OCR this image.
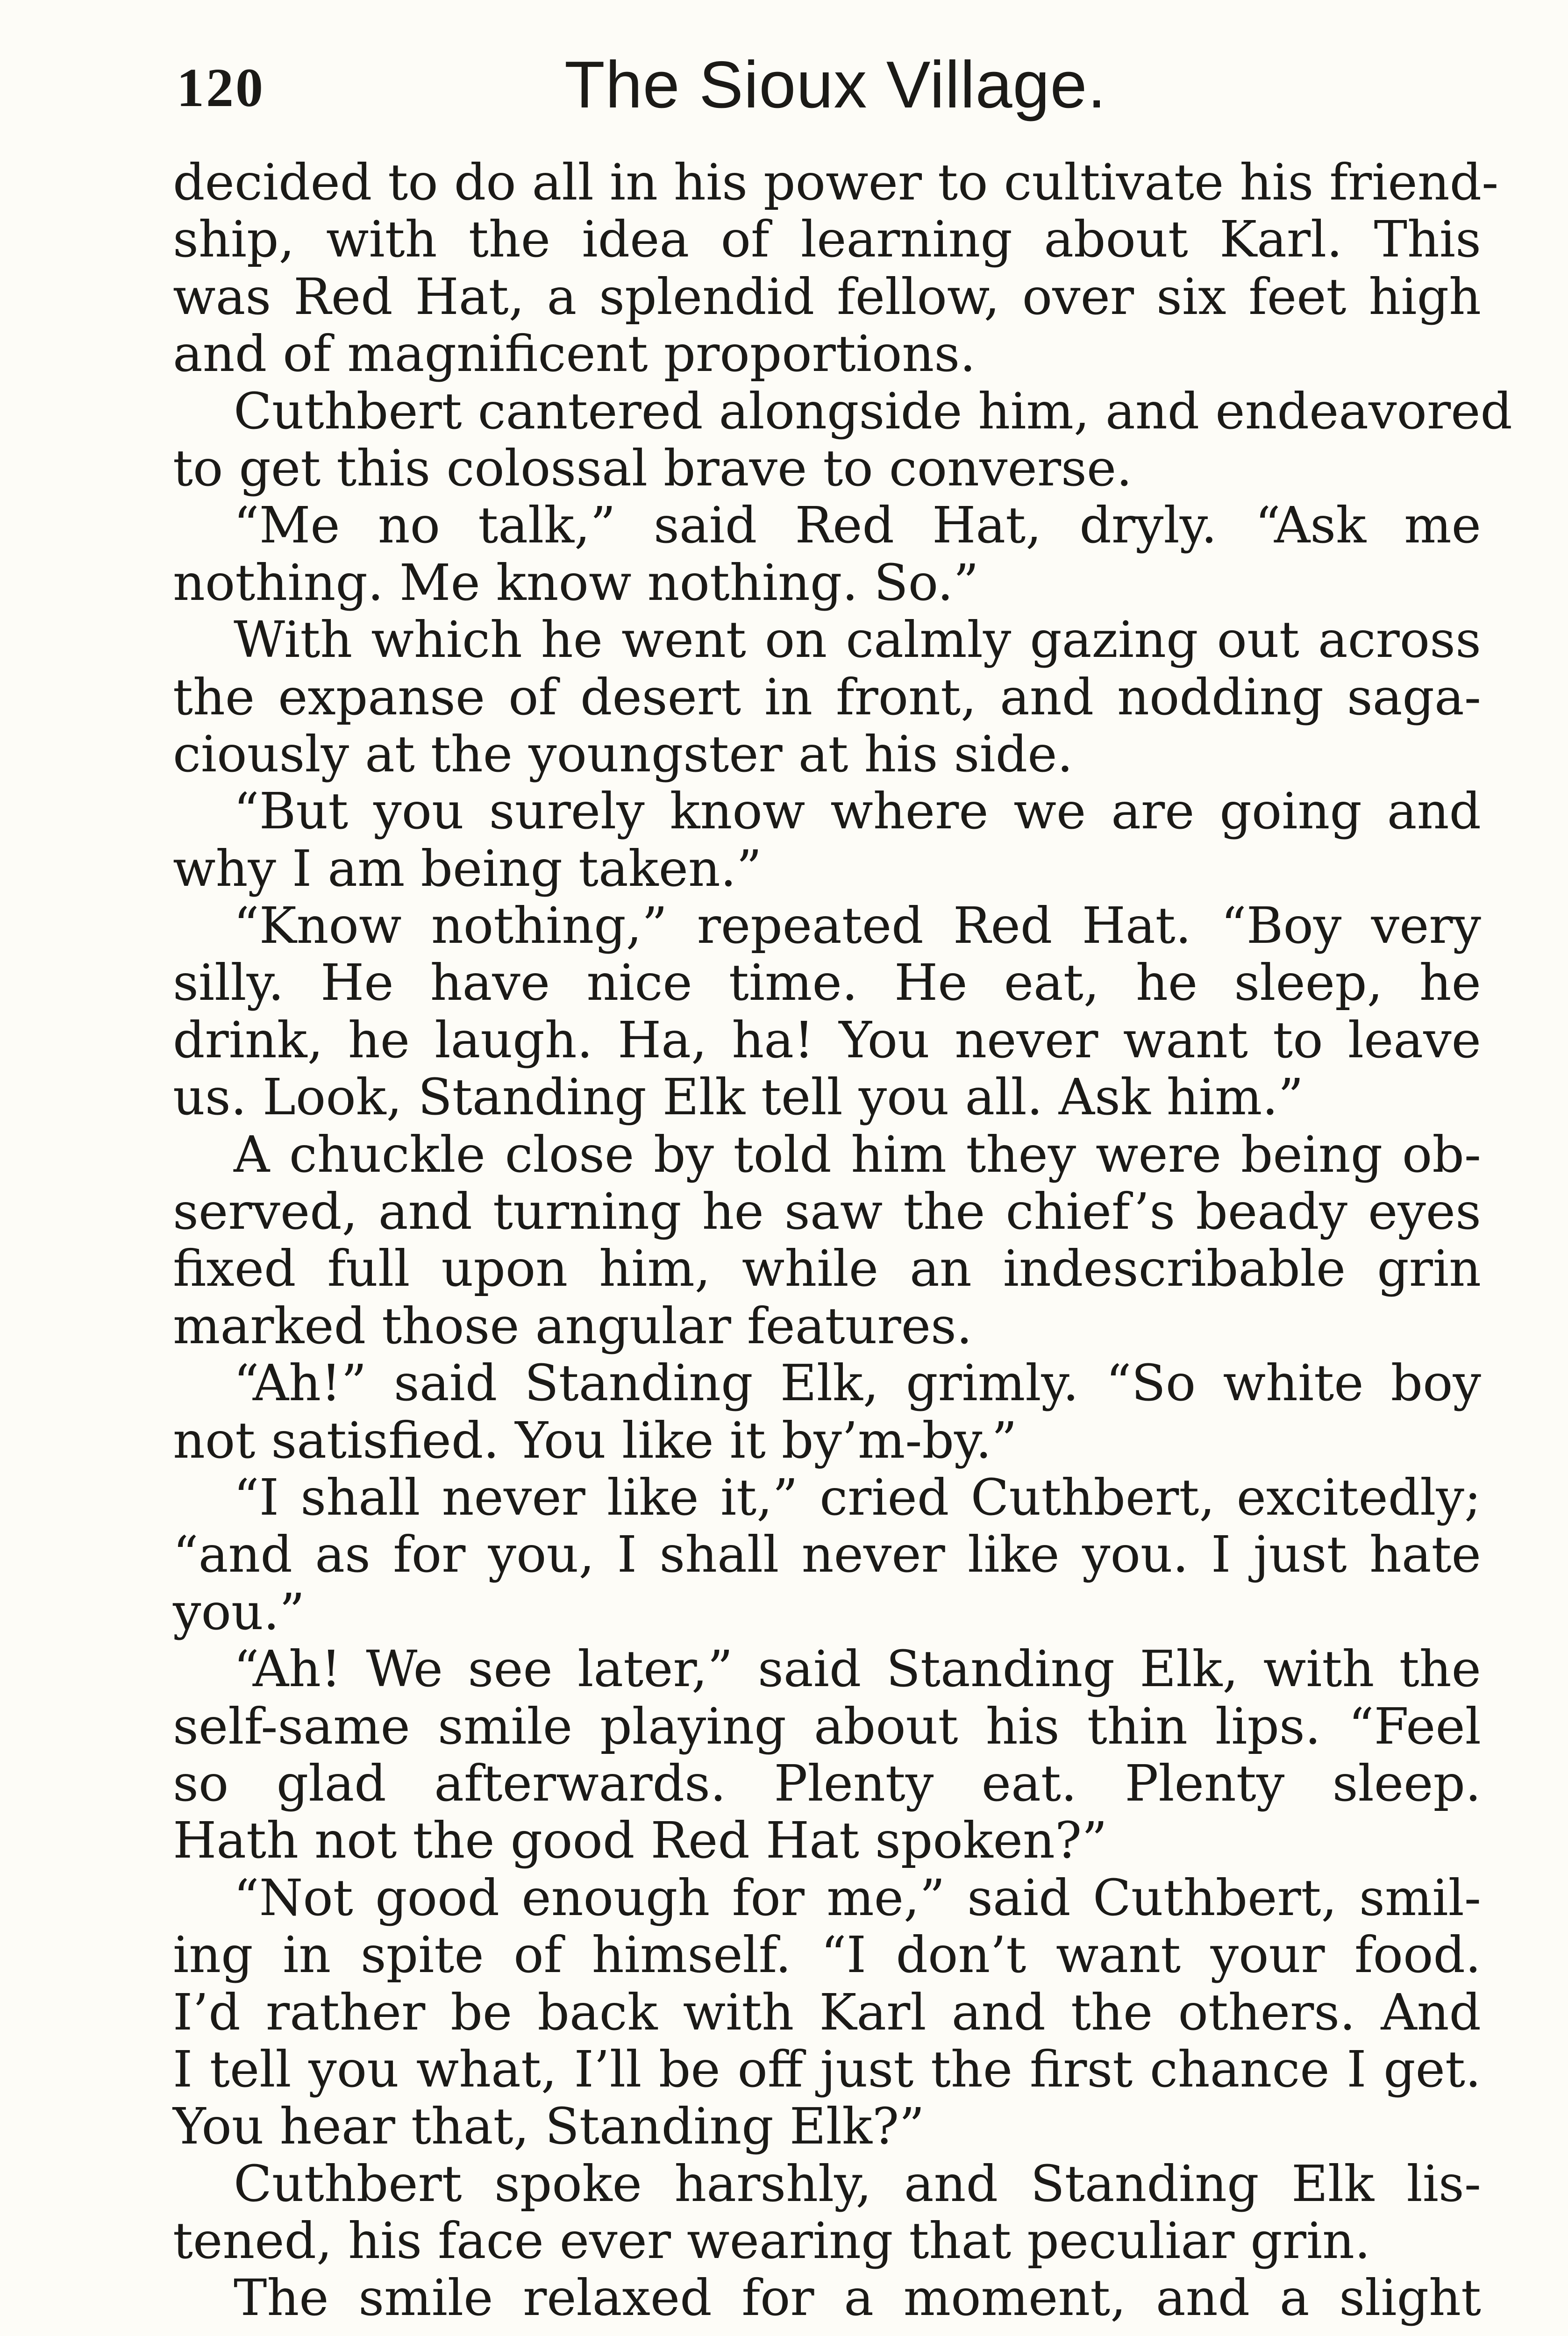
120	The Sioux Village.
decided to do all in his power to cultivate his friend-
ship, with the idea of learning about Karl. This
was Red Hat, a splendid fellow, over six feet high
and of magnificent proportions.
Cuthbert cantered alongside him, and endeavored
to get this colossal brave to converse.
“Me no talk,” said Red Hat, dryly. “Ask me
nothing. Me know nothing. So.”
With which he went on calmly gazing out across
the expanse of desert in front, and nodding saga-
ciously at the youngster at his side.
“But you surely know where we are going and
why I am being taken.”
“Know nothing,” repeated Red Hat. “Boy very
silly. He have nice time. He eat, he sleep, he
drink, he laugh. Ha, ha! You never want to leave
us. Look, Standing Elk tell you all. Ask him.”
A chuckle close by told him they were being ob-
served, and turning he saw the chief’s beady eyes
fixed full upon him, while an indescribable grin
marked those angular features.
“Ah!” said Standing Elk, grimly. “So white boy
not satisfied. You like it by’m-by.”
“I shall never like it,” cried Cuthbert, excitedly;
“and as for you, I shall never like you. I just hate
you.”
“Ah! We see later,” said Standing Elk, with the
self-same smile playing about his thin lips. “Feel
so glad afterwards. Plenty eat. Plenty sleep.
Hath not the good Red Hat spoken?”
“Not good enough for me,” said Cuthbert, smil-
ing in spite of himself. “I don’t want your food.
I’d rather be back with Karl and the others. And
I tell you what, I’ll be off just the first chance I get.
You hear that, Standing Elk?”
Cuthbert spoke harshly, and Standing Elk lis-
tened, his face ever wearing that peculiar grin.
The smile relaxed for a moment, and a slight
